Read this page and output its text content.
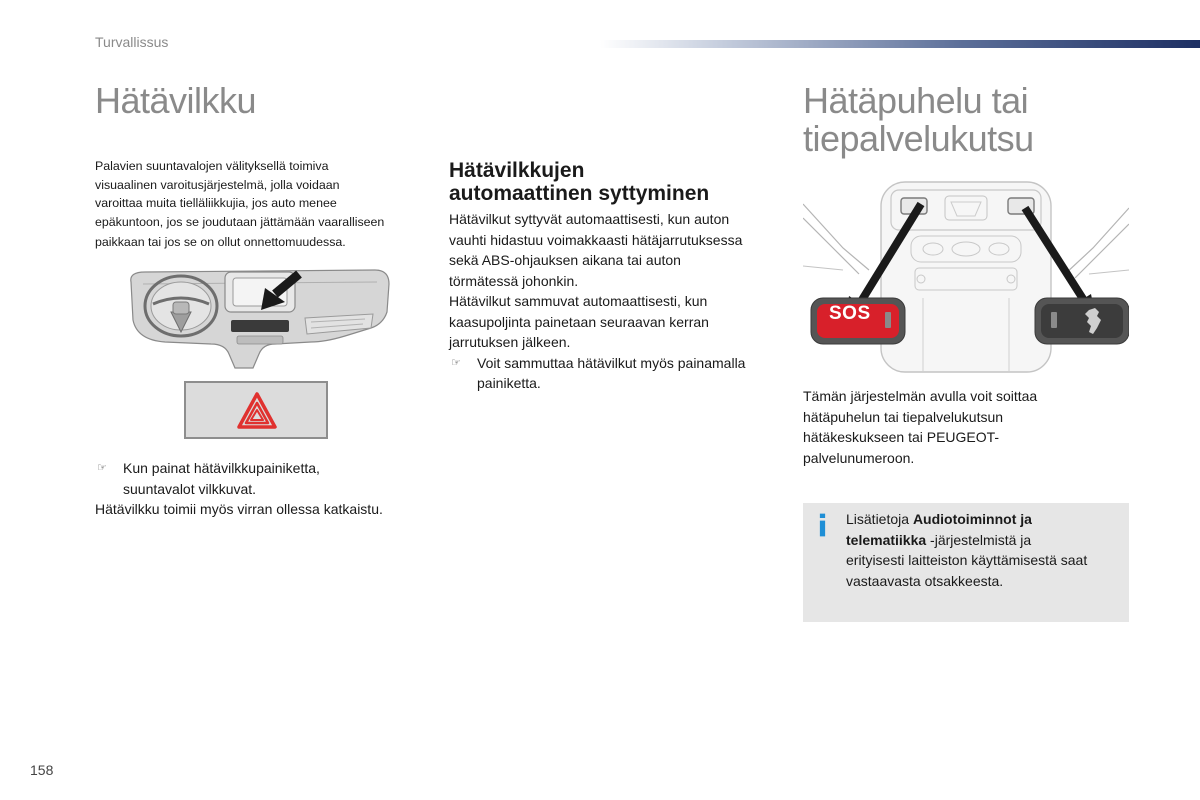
Turvallissus
Hätävilkku
Palavien suuntavalojen välityksellä toimiva
visuaalinen varoitusjärjestelmä, jolla voidaan
varoittaa muita tielläliikkujia, jos auto menee
epäkuntoon, jos se joudutaan jättämään vaaralliseen
paikkaan tai jos se on ollut onnettomuudessa.
☞ Kun painat hätävilkkupainiketta,
suuntavalot vilkkuvat.
Hätävilkku toimii myös virran ollessa katkaistu.
Hätävilkkujen
automaattinen syttyminen
Hätävilkut syttyvät automaattisesti, kun auton
vauhti hidastuu voimakkaasti hätäjarrutuksessa
sekä ABS-ohjauksen aikana tai auton
törmätessä johonkin.
Hätävilkut sammuvat automaattisesti, kun
kaasupoljinta painetaan seuraavan kerran
jarrutuksen jälkeen.
☞ Voit sammuttaa hätävilkut myös painamalla
painiketta.
Hätäpuhelu tai
tiepalvelukutsu
SOS
Tämän järjestelmän avulla voit soittaa
hätäpuhelun tai tiepalvelukutsun
hätäkeskukseen tai PEUGEOT-
palvelunumeroon.
Lisätietoja Audiotoiminnot ja
telematiikka -järjestelmistä ja
erityisesti laitteiston käyttämisestä saat
vastaavasta otsakkeesta.
158
